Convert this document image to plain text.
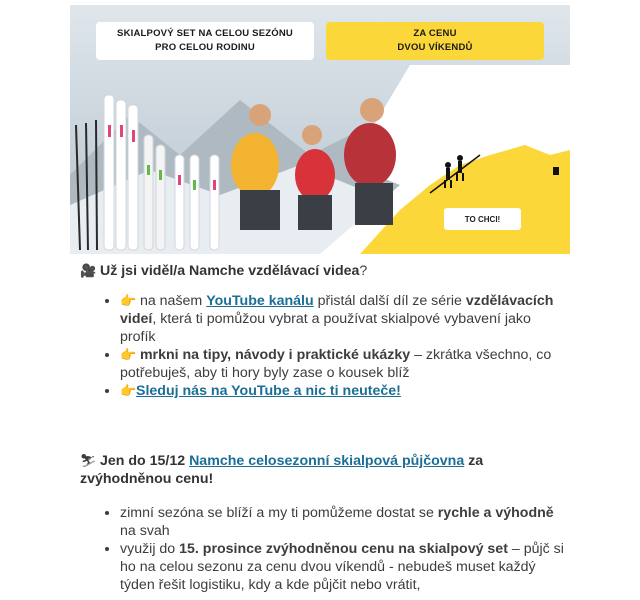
SKIALPOVÝ SET NA CELOU SEZÓNU
PRO CELOU RODINU
ZA CENU
DVOU VÍKENDŮ
TO CHCI!

🎥 Už jsi viděl/a Namche vzdělávací videa?

• 👉 na našem YouTube kanálu přistál další díl ze série vzdělávacích videí, která ti pomůžou vybrat a používat skialpové vybavení jako profík
• 👉 mrkni na tipy, návody i praktické ukázky – zkrátka všechno, co potřebuješ, aby ti hory byly zase o kousek blíž
• 👉Sleduj nás na YouTube a nic ti neuteče!

⛷ Jen do 15/12 Namche celosezonní skialpová půjčovna za
zvýhodněnou cenu!

• zimní sezóna se blíží a my ti pomůžeme dostat se rychle a výhodně na svah
• využij do 15. prosince zvýhodněnou cenu na skialpový set – půjč si ho na celou sezonu za cenu dvou víkendů - nebudeš muset každý týden řešit logistiku, kdy a kde půjčit nebo vrátit,
